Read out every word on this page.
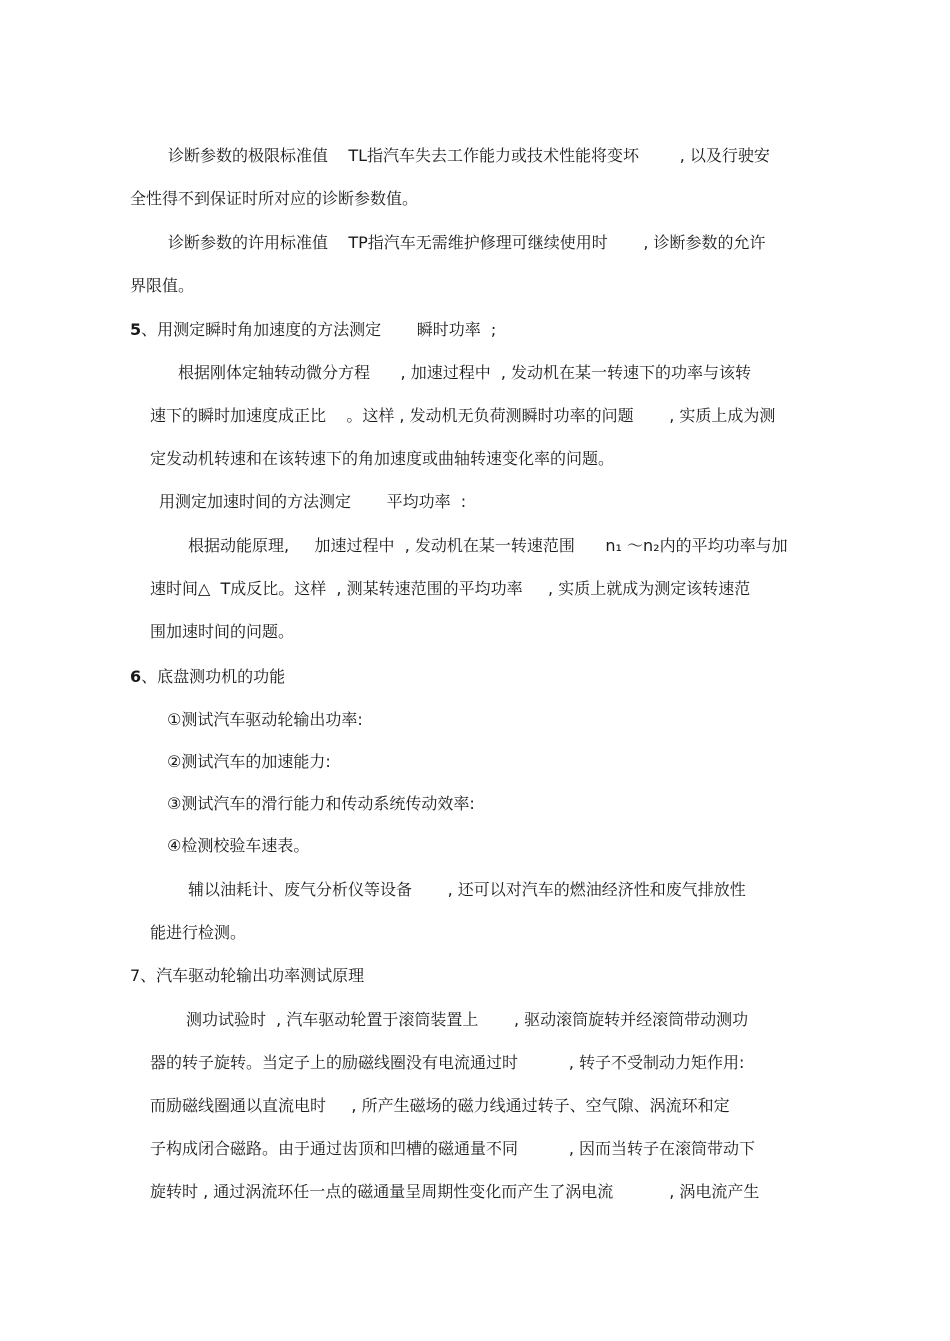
诊断参数的极限标准值    TL指汽车失去工作能力或技术性能将变坏        , 以及行驶安
全性得不到保证时所对应的诊断参数值。
诊断参数的许用标准值    TP指汽车无需维护修理可继续使用时       , 诊断参数的允许
界限值。
5、用测定瞬时角加速度的方法测定       瞬时功率  ;
根据刚体定轴转动微分方程      , 加速过程中  , 发动机在某一转速下的功率与该转
速下的瞬时加速度成正比    。这样 , 发动机无负荷测瞬时功率的问题       , 实质上成为测
定发动机转速和在该转速下的角加速度或曲轴转速变化率的问题。
用测定加速时间的方法测定       平均功率  :
根据动能原理,     加速过程中  , 发动机在某一转速范围      n₁ ～n₂内的平均功率与加
速时间△  T成反比。这样  , 测某转速范围的平均功率     , 实质上就成为测定该转速范
围加速时间的问题。
6、底盘测功机的功能
①测试汽车驱动轮输出功率:
②测试汽车的加速能力:
③测试汽车的滑行能力和传动系统传动效率:
④检测校验车速表。
辅以油耗计、废气分析仪等设备       , 还可以对汽车的燃油经济性和废气排放性
能进行检测。
7、汽车驱动轮输出功率测试原理
测功试验时  , 汽车驱动轮置于滚筒装置上       , 驱动滚筒旋转并经滚筒带动测功
器的转子旋转。当定子上的励磁线圈没有电流通过时          , 转子不受制动力矩作用:
而励磁线圈通以直流电时     , 所产生磁场的磁力线通过转子、空气隙、涡流环和定
子构成闭合磁路。由于通过齿顶和凹槽的磁通量不同          , 因而当转子在滚筒带动下
旋转时 , 通过涡流环任一点的磁通量呈周期性变化而产生了涡电流           , 涡电流产生
